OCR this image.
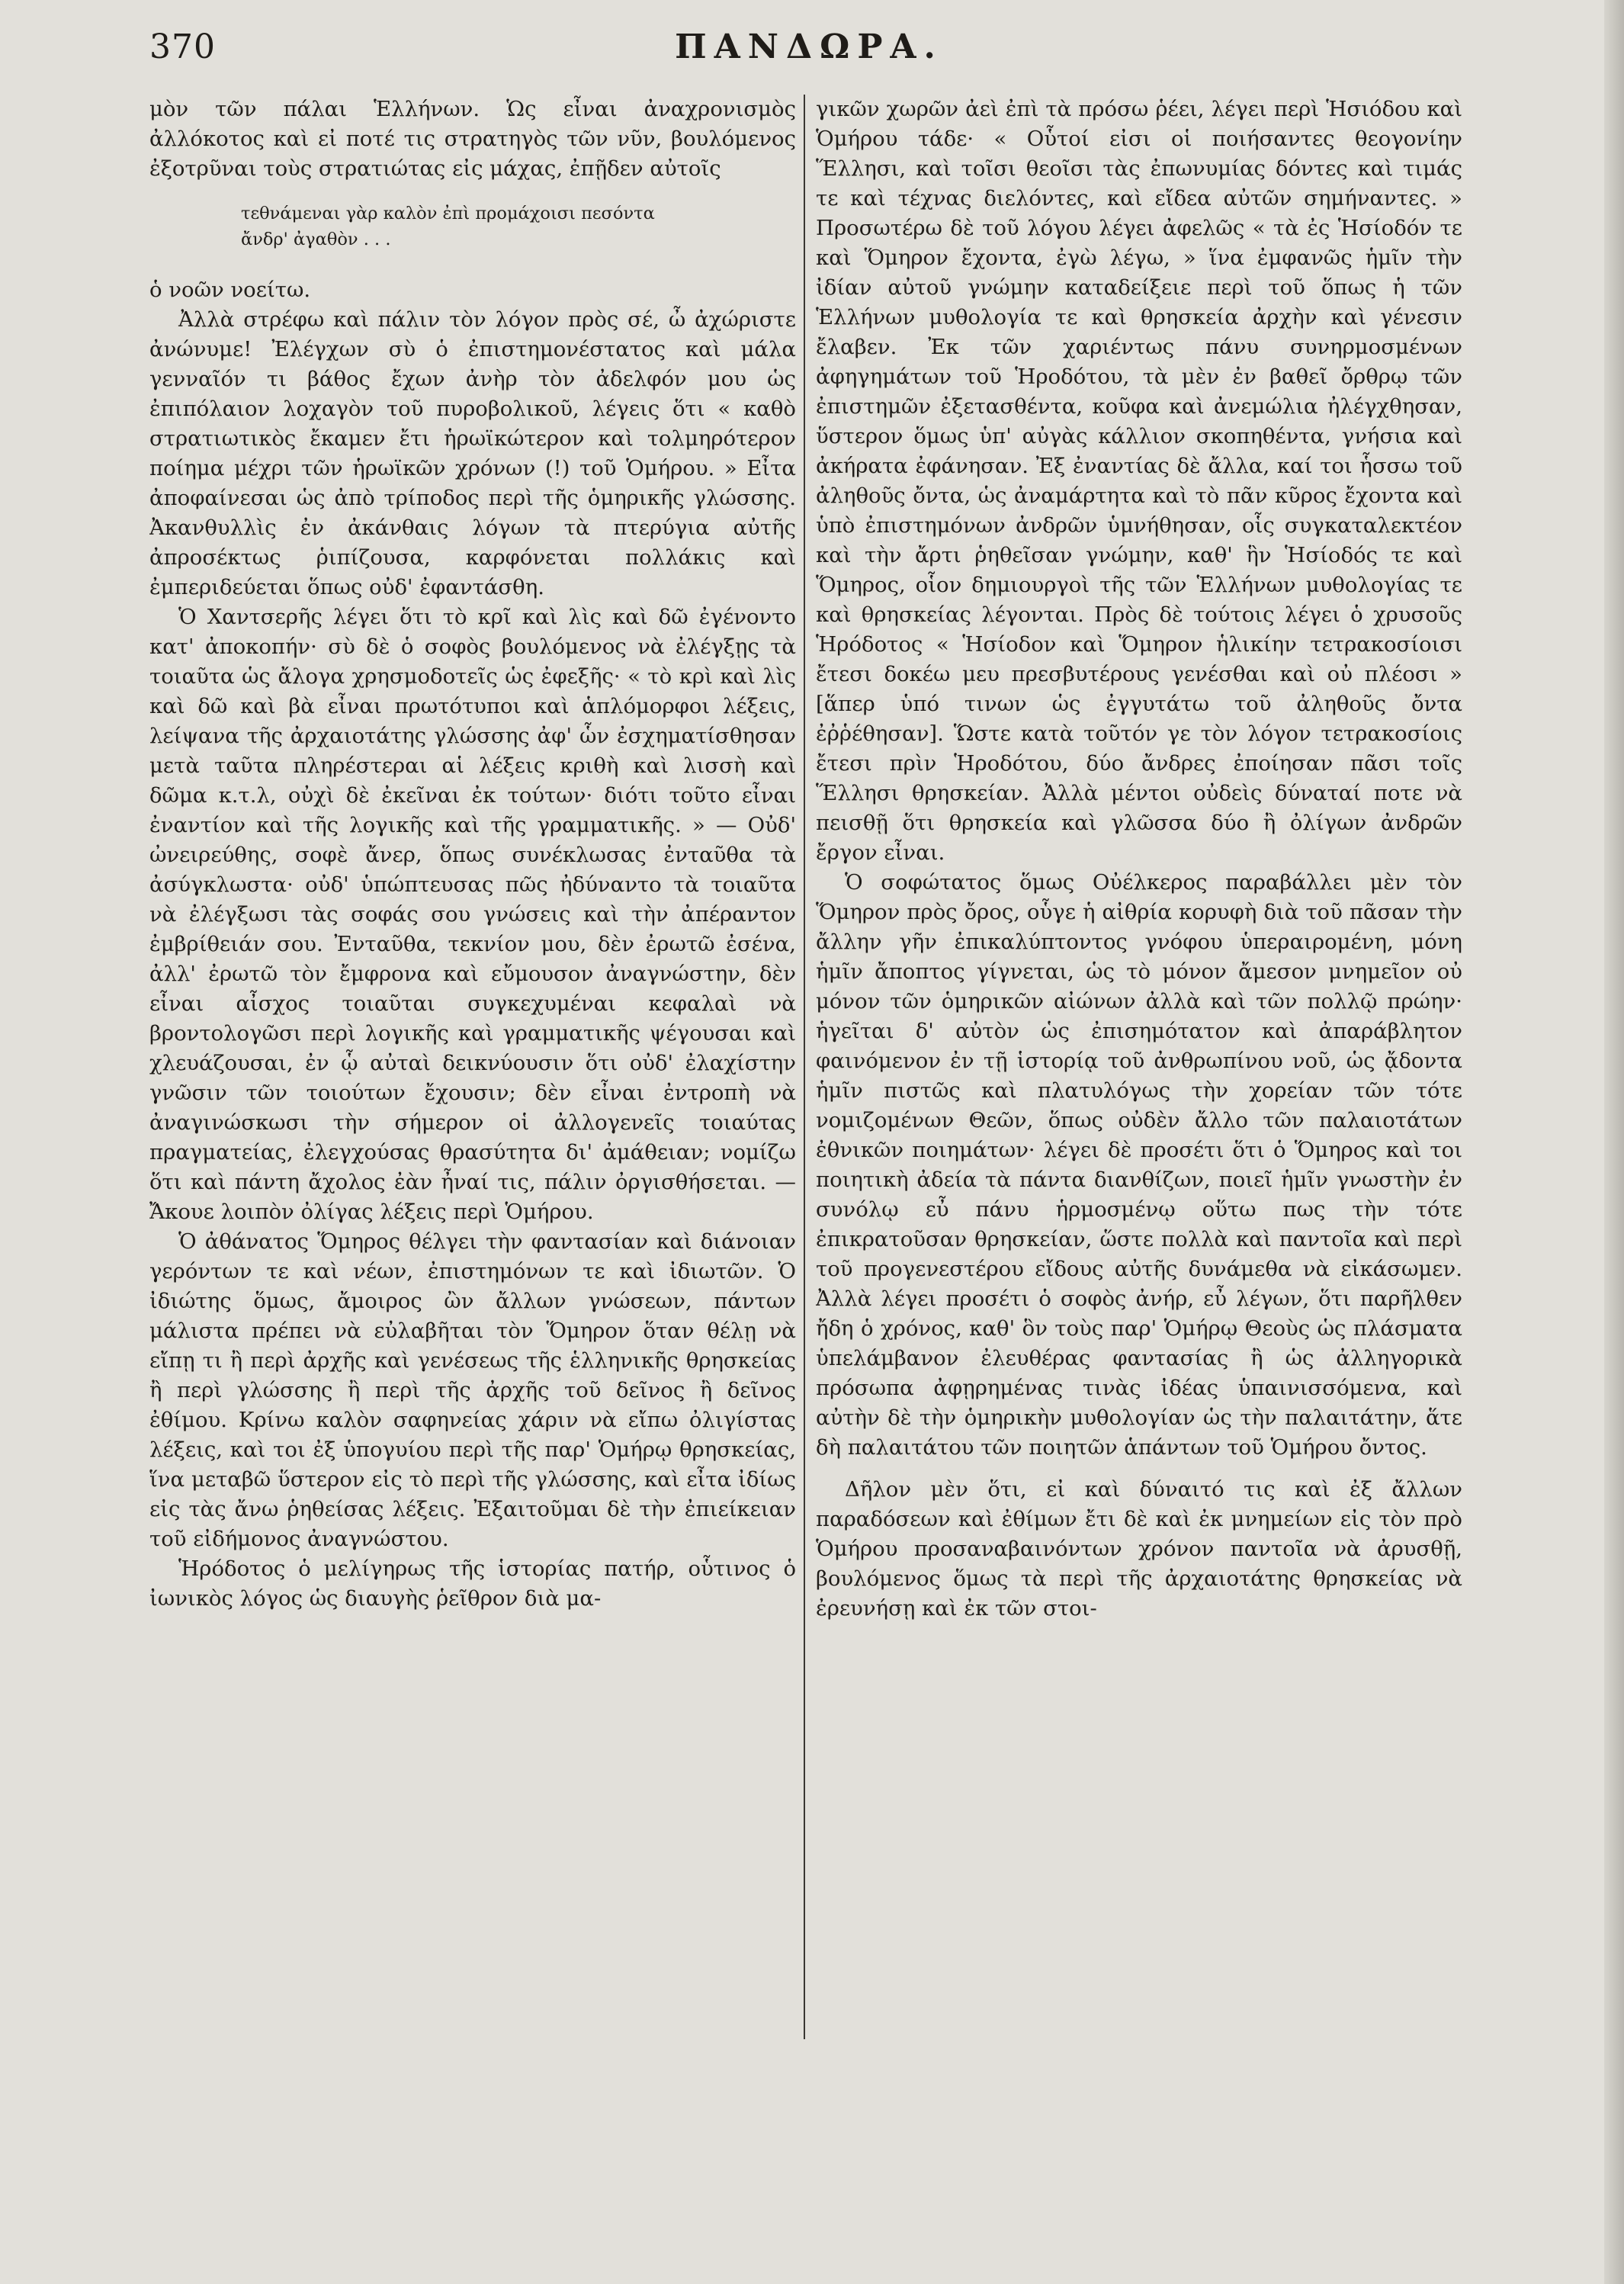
370	ΠΑΝΔΩΡΑ.

μὸν τῶν πάλαι Ἑλλήνων. Ὡς εἶναι ἀναχρονισμὸς ἀλλόκοτος καὶ εἰ ποτέ τις στρατηγὸς τῶν νῦν, βουλόμενος ἐξοτρῦναι τοὺς στρατιώτας εἰς μάχας, ἐπῇδεν αὐτοῖς

τεθνάμεναι γὰρ καλὸν ἐπὶ προμάχοισι πεσόντα
ἄνδρ' ἀγαθὸν . . .

ὁ νοῶν νοείτω.

Ἀλλὰ στρέφω καὶ πάλιν τὸν λόγον πρὸς σέ, ὦ ἀχώριστε ἀνώνυμε! Ἐλέγχων σὺ ὁ ἐπιστημονέστατος καὶ μάλα γενναῖόν τι βάθος ἔχων ἀνὴρ τὸν ἀδελφόν μου ὡς ἐπιπόλαιον λοχαγὸν τοῦ πυροβολικοῦ, λέγεις ὅτι « καθὸ στρατιωτικὸς ἔκαμεν ἔτι ἡρωϊκώτερον καὶ τολμηρότερον ποίημα μέχρι τῶν ἡρωϊκῶν χρόνων (!) τοῦ Ὁμήρου. » Εἶτα ἀποφαίνεσαι ὡς ἀπὸ τρίποδος περὶ τῆς ὁμηρικῆς γλώσσης. Ἀκανθυλλὶς ἐν ἀκάνθαις λόγων τὰ πτερύγια αὐτῆς ἀπροσέκτως ῥιπίζουσα, καρφόνεται πολλάκις καὶ ἐμπεριδεύεται ὅπως οὐδ' ἐφαντάσθη.

Ὁ Χαντσερῆς λέγει ὅτι τὸ κρῖ καὶ λὶς καὶ δῶ ἐγένοντο κατ' ἀποκοπήν· σὺ δὲ ὁ σοφὸς βουλόμενος νὰ ἐλέγξῃς τὰ τοιαῦτα ὡς ἄλογα χρησμοδοτεῖς ὡς ἐφεξῆς· « τὸ κρὶ καὶ λὶς καὶ δῶ καὶ βὰ εἶναι πρωτότυποι καὶ ἁπλόμορφοι λέξεις, λείψανα τῆς ἀρχαιοτάτης γλώσσης ἀφ' ὧν ἐσχηματίσθησαν μετὰ ταῦτα πληρέστεραι αἱ λέξεις κριθὴ καὶ λισσὴ καὶ δῶμα κ.τ.λ, οὐχὶ δὲ ἐκεῖναι ἐκ τούτων· διότι τοῦτο εἶναι ἐναντίον καὶ τῆς λογικῆς καὶ τῆς γραμματικῆς. » — Οὐδ' ὠνειρεύθης, σοφὲ ἄνερ, ὅπως συνέκλωσας ἐνταῦθα τὰ ἀσύγκλωστα· οὐδ' ὑπώπτευσας πῶς ἠδύναντο τὰ τοιαῦτα νὰ ἐλέγξωσι τὰς σοφάς σου γνώσεις καὶ τὴν ἀπέραντον ἐμβρίθειάν σου. Ἐνταῦθα, τεκνίον μου, δὲν ἐρωτῶ ἐσένα, ἀλλ' ἐρωτῶ τὸν ἔμφρονα καὶ εὔμουσον ἀναγνώστην, δὲν εἶναι αἶσχος τοιαῦται συγκεχυμέναι κεφαλαὶ νὰ βροντολογῶσι περὶ λογικῆς καὶ γραμματικῆς ψέγουσαι καὶ χλευάζουσαι, ἐν ᾧ αὐταὶ δεικνύουσιν ὅτι οὐδ' ἐλαχίστην γνῶσιν τῶν τοιούτων ἔχουσιν; δὲν εἶναι ἐντροπὴ νὰ ἀναγινώσκωσι τὴν σήμερον οἱ ἀλλογενεῖς τοιαύτας πραγματείας, ἐλεγχούσας θρασύτητα δι' ἀμάθειαν; νομίζω ὅτι καὶ πάντη ἄχολος ἐὰν ἦναί τις, πάλιν ὀργισθήσεται. — Ἄκουε λοιπὸν ὀλίγας λέξεις περὶ Ὁμήρου.

Ὁ ἀθάνατος Ὅμηρος θέλγει τὴν φαντασίαν καὶ διάνοιαν γερόντων τε καὶ νέων, ἐπιστημόνων τε καὶ ἰδιωτῶν. Ὁ ἰδιώτης ὅμως, ἄμοιρος ὢν ἄλλων γνώσεων, πάντων μάλιστα πρέπει νὰ εὐλαβῆται τὸν Ὅμηρον ὅταν θέλῃ νὰ εἴπῃ τι ἢ περὶ ἀρχῆς καὶ γενέσεως τῆς ἑλληνικῆς θρησκείας ἢ περὶ γλώσσης ἢ περὶ τῆς ἀρχῆς τοῦ δεῖνος ἢ δεῖνος ἐθίμου. Κρίνω καλὸν σαφηνείας χάριν νὰ εἴπω ὀλιγίστας λέξεις, καὶ τοι ἐξ ὑπογυίου περὶ τῆς παρ' Ὁμήρῳ θρησκείας, ἵνα μεταβῶ ὕστερον εἰς τὸ περὶ τῆς γλώσσης, καὶ εἶτα ἰδίως εἰς τὰς ἄνω ῥηθείσας λέξεις. Ἐξαιτοῦμαι δὲ τὴν ἐπιείκειαν τοῦ εἰδήμονος ἀναγνώστου.

Ἡρόδοτος ὁ μελίγηρως τῆς ἱστορίας πατήρ, οὗτινος ὁ ἰωνικὸς λόγος ὡς διαυγὴς ῥεῖθρον διὰ μα-

γικῶν χωρῶν ἀεὶ ἐπὶ τὰ πρόσω ῥέει, λέγει περὶ Ἡσιόδου καὶ Ὁμήρου τάδε· « Οὗτοί εἰσι οἱ ποιήσαντες θεογονίην Ἕλλησι, καὶ τοῖσι θεοῖσι τὰς ἐπωνυμίας δόντες καὶ τιμάς τε καὶ τέχνας διελόντες, καὶ εἴδεα αὐτῶν σημήναντες. » Προσωτέρω δὲ τοῦ λόγου λέγει ἀφελῶς « τὰ ἐς Ἡσίοδόν τε καὶ Ὅμηρον ἔχοντα, ἐγὼ λέγω, » ἵνα ἐμφανῶς ἡμῖν τὴν ἰδίαν αὐτοῦ γνώμην καταδείξειε περὶ τοῦ ὅπως ἡ τῶν Ἑλλήνων μυθολογία τε καὶ θρησκεία ἀρχὴν καὶ γένεσιν ἔλαβεν. Ἐκ τῶν χαριέντως πάνυ συνηρμοσμένων ἀφηγημάτων τοῦ Ἡροδότου, τὰ μὲν ἐν βαθεῖ ὄρθρῳ τῶν ἐπιστημῶν ἐξετασθέντα, κοῦφα καὶ ἀνεμώλια ἠλέγχθησαν, ὕστερον ὅμως ὑπ' αὐγὰς κάλλιον σκοπηθέντα, γνήσια καὶ ἀκήρατα ἐφάνησαν. Ἐξ ἐναντίας δὲ ἄλλα, καί τοι ἧσσω τοῦ ἀληθοῦς ὄντα, ὡς ἀναμάρτητα καὶ τὸ πᾶν κῦρος ἔχοντα καὶ ὑπὸ ἐπιστημόνων ἀνδρῶν ὑμνήθησαν, οἷς συγκαταλεκτέον καὶ τὴν ἄρτι ῥηθεῖσαν γνώμην, καθ' ἣν Ἡσίοδός τε καὶ Ὅμηρος, οἷον δημιουργοὶ τῆς τῶν Ἑλλήνων μυθολογίας τε καὶ θρησκείας λέγονται. Πρὸς δὲ τούτοις λέγει ὁ χρυσοῦς Ἡρόδοτος « Ἡσίοδον καὶ Ὅμηρον ἡλικίην τετρακοσίοισι ἔτεσι δοκέω μευ πρεσβυτέρους γενέσθαι καὶ οὐ πλέοσι » [ἅπερ ὑπό τινων ὡς ἐγγυτάτω τοῦ ἀληθοῦς ὄντα ἐῤῥέθησαν]. Ὥστε κατὰ τοῦτόν γε τὸν λόγον τετρακοσίοις ἔτεσι πρὶν Ἡροδότου, δύο ἄνδρες ἐποίησαν πᾶσι τοῖς Ἕλλησι θρησκείαν. Ἀλλὰ μέντοι οὐδεὶς δύναταί ποτε νὰ πεισθῇ ὅτι θρησκεία καὶ γλῶσσα δύο ἢ ὀλίγων ἀνδρῶν ἔργον εἶναι.

Ὁ σοφώτατος ὅμως Οὐέλκερος παραβάλλει μὲν τὸν Ὅμηρον πρὸς ὄρος, οὗγε ἡ αἰθρία κορυφὴ διὰ τοῦ πᾶσαν τὴν ἄλλην γῆν ἐπικαλύπτοντος γνόφου ὑπεραιρομένη, μόνη ἡμῖν ἄποπτος γίγνεται, ὡς τὸ μόνον ἄμεσον μνημεῖον οὐ μόνον τῶν ὁμηρικῶν αἰώνων ἀλλὰ καὶ τῶν πολλῷ πρώην· ἡγεῖται δ' αὐτὸν ὡς ἐπισημότατον καὶ ἀπαράβλητον φαινόμενον ἐν τῇ ἱστορίᾳ τοῦ ἀνθρωπίνου νοῦ, ὡς ᾄδοντα ἡμῖν πιστῶς καὶ πλατυλόγως τὴν χορείαν τῶν τότε νομιζομένων Θεῶν, ὅπως οὐδὲν ἄλλο τῶν παλαιοτάτων ἐθνικῶν ποιημάτων· λέγει δὲ προσέτι ὅτι ὁ Ὅμηρος καὶ τοι ποιητικὴ ἀδεία τὰ πάντα διανθίζων, ποιεῖ ἡμῖν γνωστὴν ἐν συνόλῳ εὖ πάνυ ἡρμοσμένῳ οὕτω πως τὴν τότε ἐπικρατοῦσαν θρησκείαν, ὥστε πολλὰ καὶ παντοῖα καὶ περὶ τοῦ προγενεστέρου εἴδους αὐτῆς δυνάμεθα νὰ εἰκάσωμεν. Ἀλλὰ λέγει προσέτι ὁ σοφὸς ἀνήρ, εὖ λέγων, ὅτι παρῆλθεν ἤδη ὁ χρόνος, καθ' ὃν τοὺς παρ' Ὁμήρῳ Θεοὺς ὡς πλάσματα ὑπελάμβανον ἐλευθέρας φαντασίας ἢ ὡς ἀλληγορικὰ πρόσωπα ἀφῃρημένας τινὰς ἰδέας ὑπαινισσόμενα, καὶ αὐτὴν δὲ τὴν ὁμηρικὴν μυθολογίαν ὡς τὴν παλαιτάτην, ἅτε δὴ παλαιτάτου τῶν ποιητῶν ἁπάντων τοῦ Ὁμήρου ὄντος.

Δῆλον μὲν ὅτι, εἰ καὶ δύναιτό τις καὶ ἐξ ἄλλων παραδόσεων καὶ ἐθίμων ἔτι δὲ καὶ ἐκ μνημείων εἰς τὸν πρὸ Ὁμήρου προσαναβαινόντων χρόνον παντοῖα νὰ ἀρυσθῇ, βουλόμενος ὅμως τὰ περὶ τῆς ἀρχαιοτάτης θρησκείας νὰ ἐρευνήσῃ καὶ ἐκ τῶν στοι-
